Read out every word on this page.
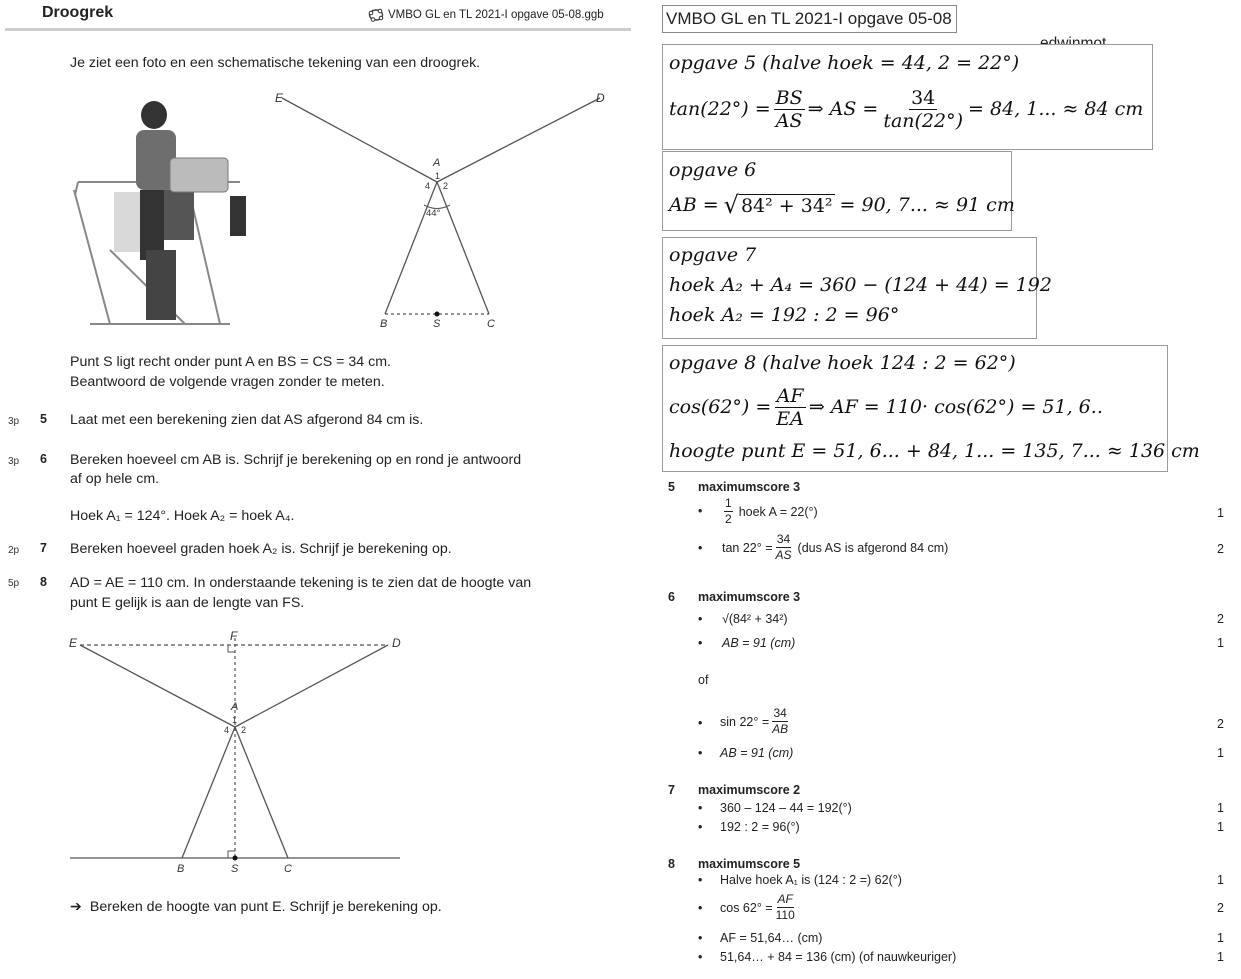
Droogrek	VMBO GL en TL 2021-I opgave 05-08.ggb
Je ziet een foto en een schematische tekening van een droogrek.
E	D
A
1
4 2
44°
B	S	C
Punt S ligt recht onder punt A en BS = CS = 34 cm.
Beantwoord de volgende vragen zonder te meten.
3p 5 Laat met een berekening zien dat AS afgerond 84 cm is.
3p 6 Bereken hoeveel cm AB is. Schrijf je berekening op en rond je antwoord
af op hele cm.
Hoek A₁ = 124°. Hoek A₂ = hoek A₄.
2p 7 Bereken hoeveel graden hoek A₂ is. Schrijf je berekening op.
5p 8 AD = AE = 110 cm. In onderstaande tekening is te zien dat de hoogte van
punt E gelijk is aan de lengte van FS.
E	F	D
A
1
4 2
B	S	C
➔ Bereken de hoogte van punt E. Schrijf je berekening op.
VMBO GL en TL 2021-I opgave 05-08
opgave 5 (halve hoek = 44, 2 = 22°)
$\tan(22^\circ) = \frac{BS}{AS}$ ⇒ AS = $\frac{34}{\tan(22^\circ)} = 84$, 1... ≈ 84 cm
opgave 6
AB = √ 84² + 34² = 90, 7... ≈ 91 cm
opgave 7
hoek A₂ + A₄ = 360 − (124 + 44) = 192
hoek A₂ = 192 : 2 = 96°
opgave 8 (halve hoek 124 : 2 = 62°)
$\cos(62^\circ) = \frac{AF}{EA}$ ⇒ AF = 110· cos(62°) = 51, 6..
hoogte punt E = 51, 6... + 84, 1... = 135, 7... ≈ 136 cm
5 maximumscore 3
• $\frac{1}{2}$ hoek A = 22(°)	1
• $\tan 22^\circ = \frac{34}{AS} (dus$ AS is afgerond 84 cm)	2
6 maximumscore 3
• √(84² + 34²)	2
• AB = 91 (cm)	1
of
• $\sin 22^\circ = \frac{34}{AB}$	2
• AB = 91 (cm)	1
7 maximumscore 2
• 360 – 124 – 44 = 192(°)	1
• 192 : 2 = 96(°)	1
8 maximumscore 5
• Halve hoek A₁ is (124 : 2 =) 62(°)	1
• $\cos 62^\circ = \frac{AF}{110}$	2
• AF = 51,64… (cm)	1
• 51,64… + 84 = 136 (cm) (of nauwkeuriger)	1
